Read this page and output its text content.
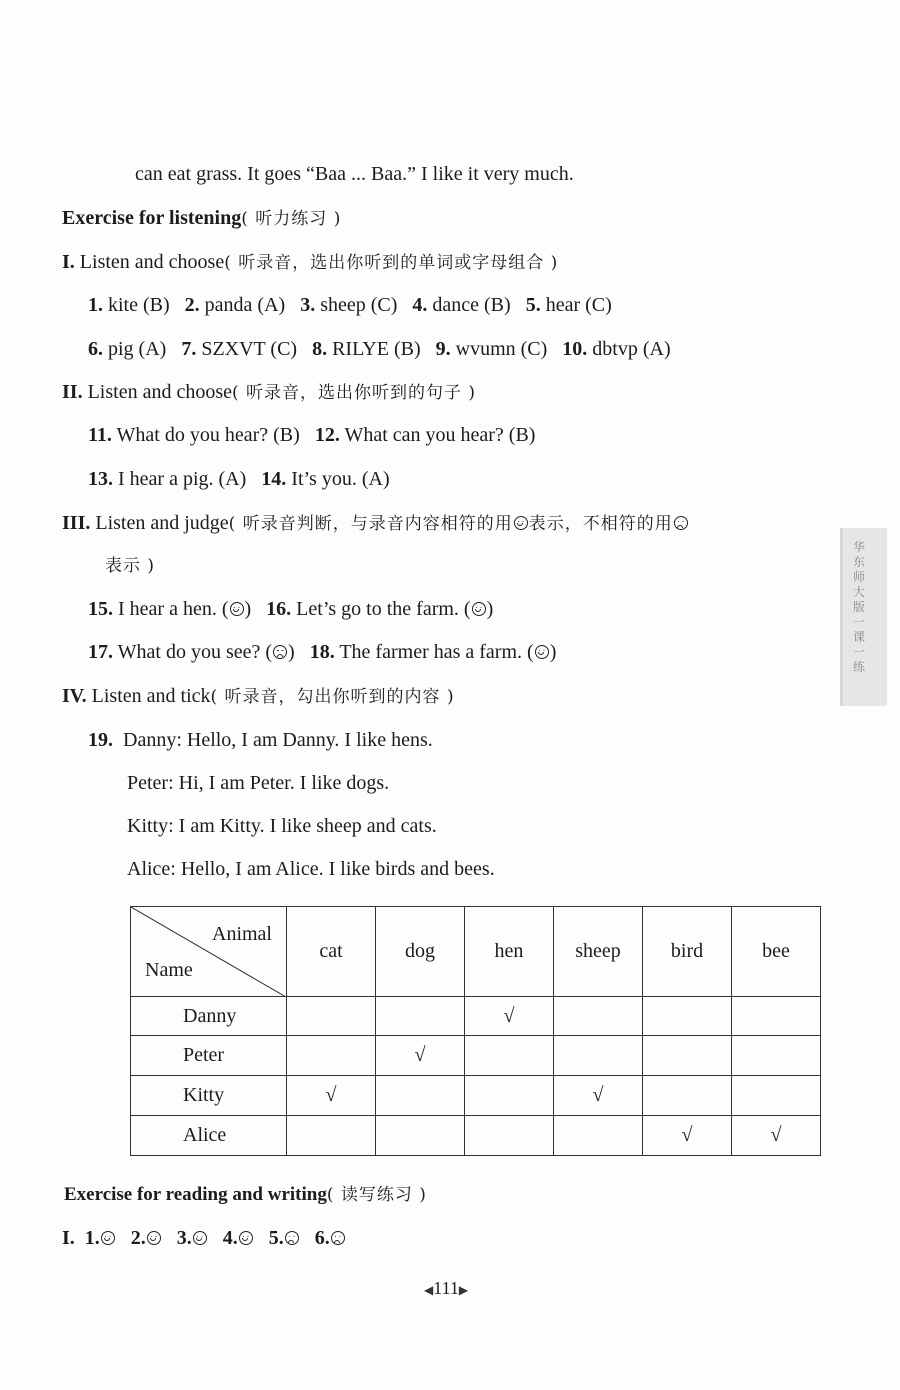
can eat grass. It goes “Baa ... Baa.” I like it very much.
Exercise for listening( 听力练习 )
I. Listen and choose( 听录音，选出你听到的单词或字母组合 )
1. kite (B) 2. panda (A) 3. sheep (C) 4. dance (B) 5. hear (C)
6. pig (A) 7. SZXVT (C) 8. RILYE (B) 9. wvumn (C) 10. dbtvp (A)
II. Listen and choose( 听录音，选出你听到的句子 )
11. What do you hear? (B) 12. What can you hear? (B)
13. I hear a pig. (A) 14. It’s you. (A)
III. Listen and judge( 听录音判断，与录音内容相符的用 表示，不相符的用
表示 )
15. I hear a hen. ( ) 16. Let’s go to the farm. ( )
17. What do you see? ( ) 18. The farmer has a farm. ( )
IV. Listen and tick( 听录音，勾出你听到的内容 )
19. Danny: Hello, I am Danny. I like hens.
Peter: Hi, I am Peter. I like dogs.
Kitty: I am Kitty. I like sheep and cats.
Alice: Hello, I am Alice. I like birds and bees.
Animal
Name	cat	dog	hen	sheep	bird	bee
Danny			√			
Peter		√				
Kitty	√			√		
Alice					√	√
Exercise for reading and writing( 读写练习 )
I. 1. 2. 3. 4. 5. 6.
◀111▶
华东师大版一课一练
